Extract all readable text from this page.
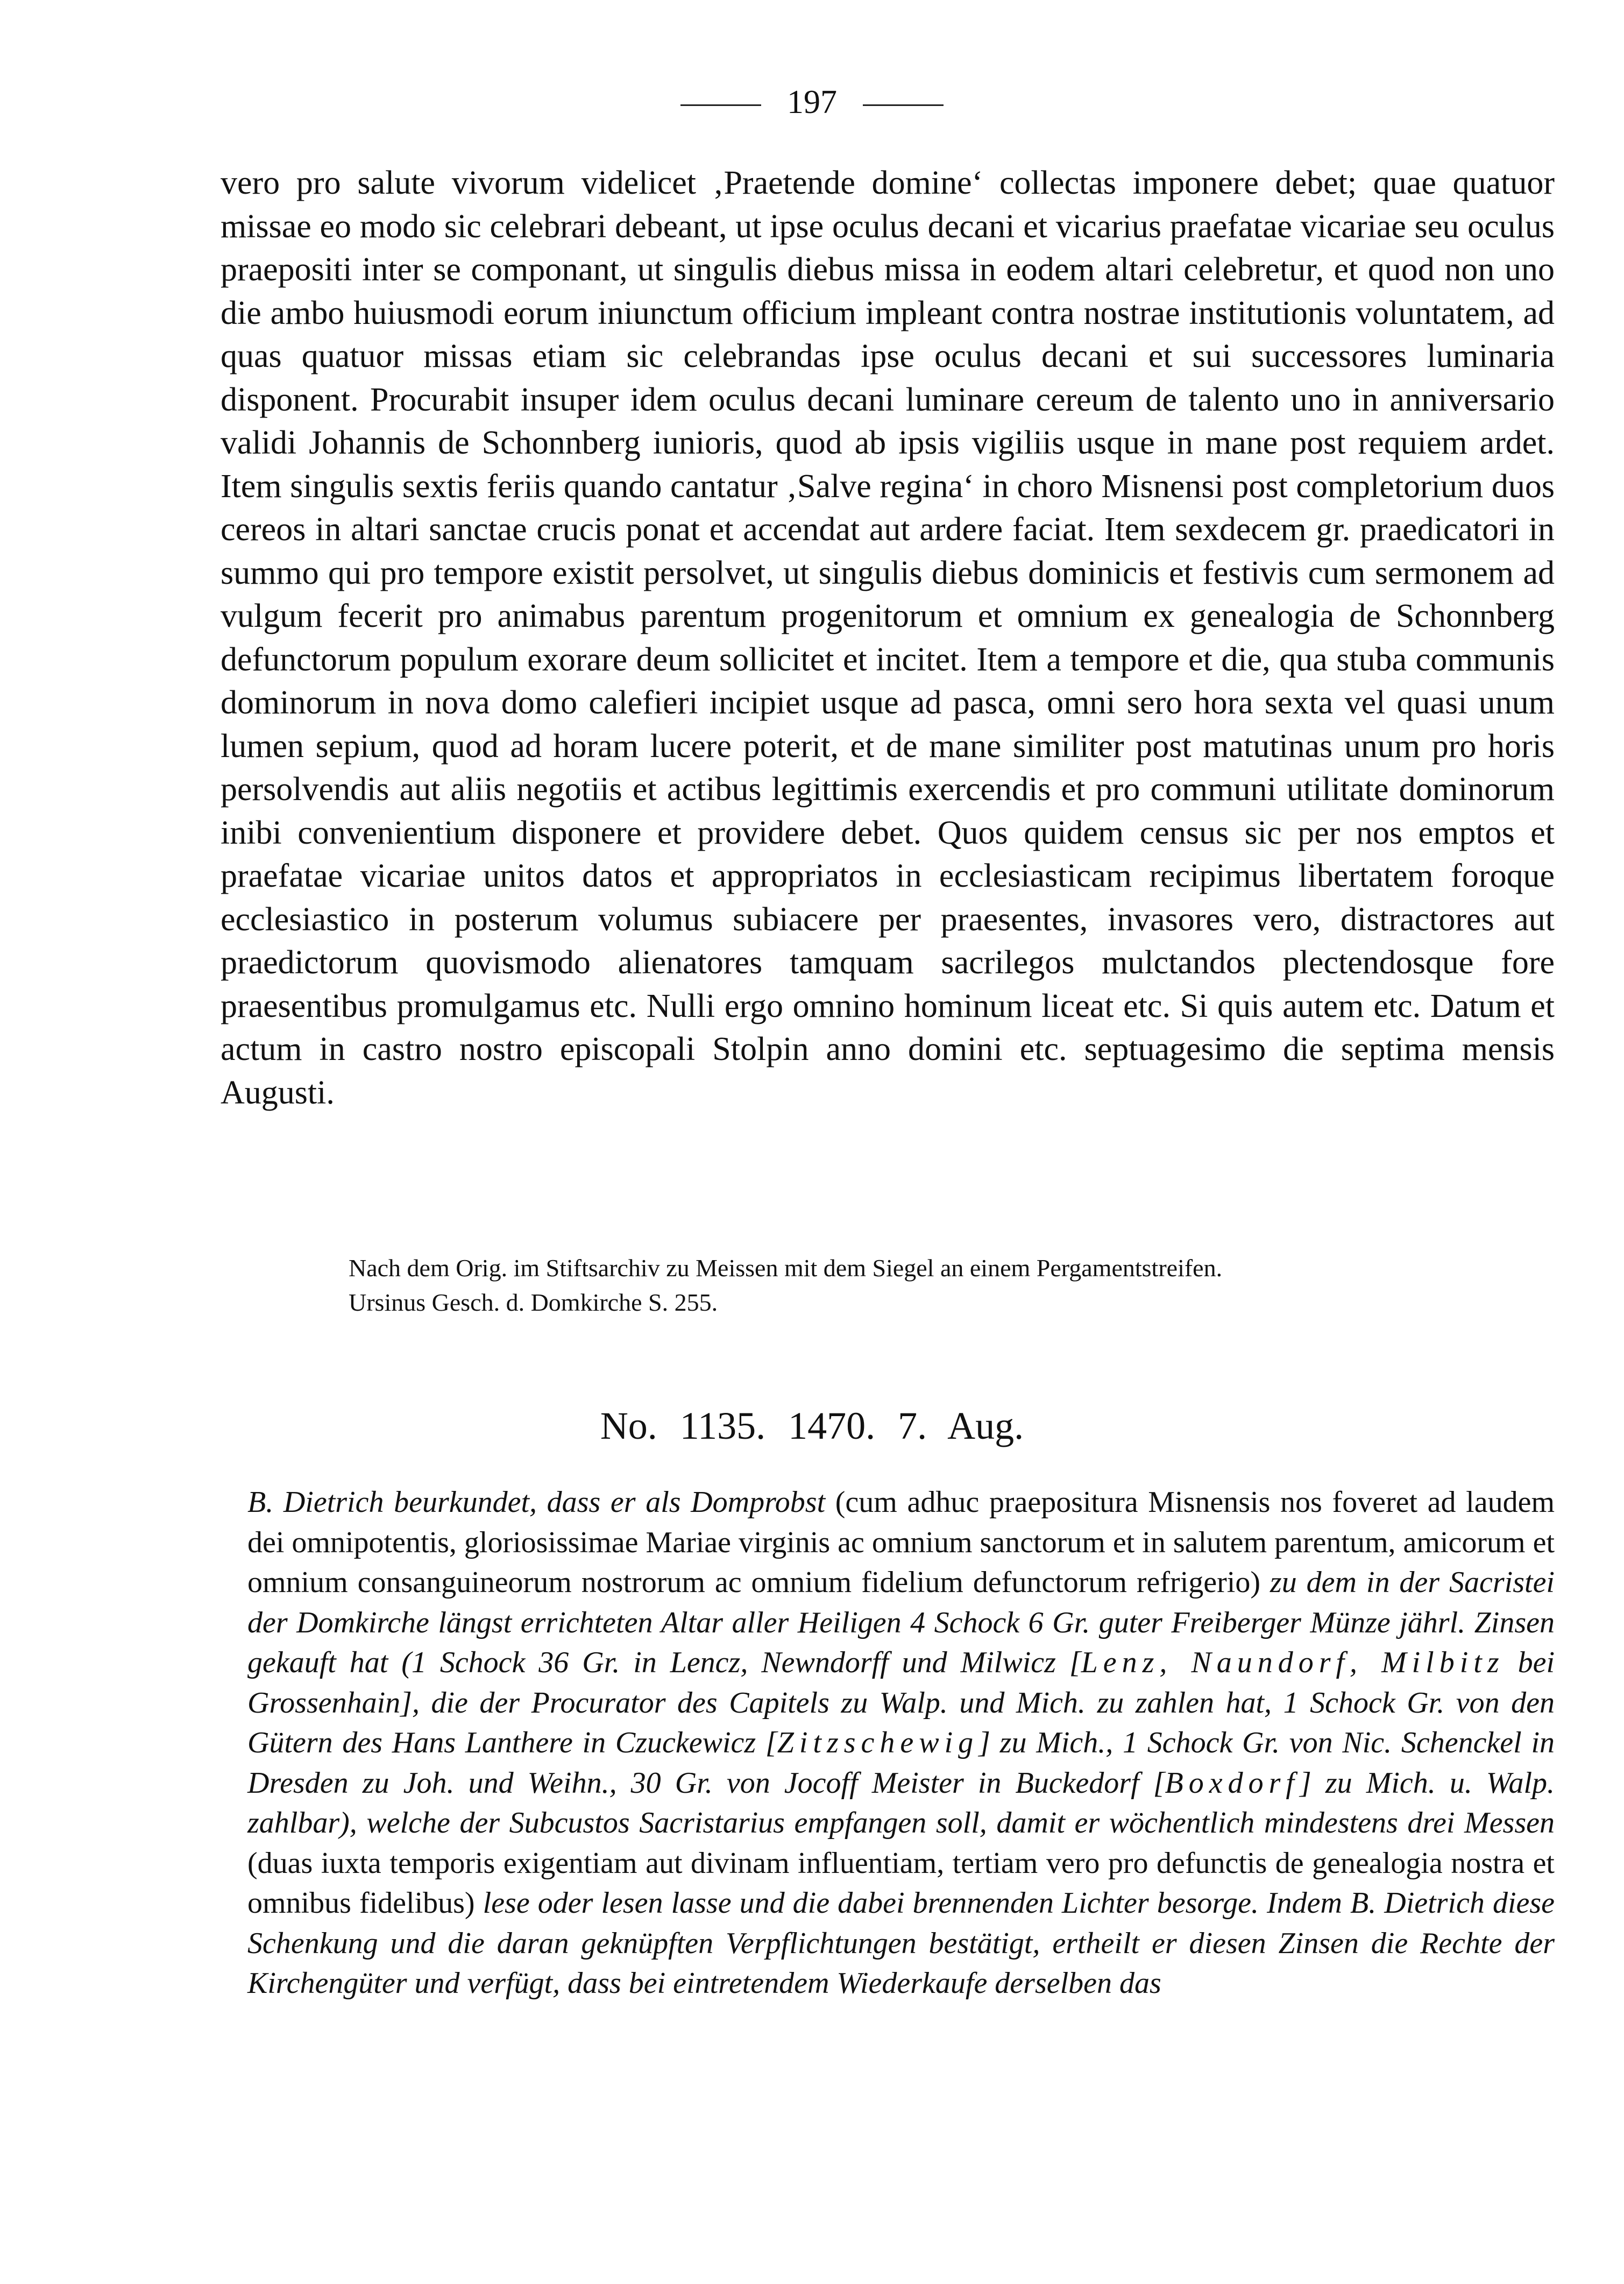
197

vero pro salute vivorum videlicet ‚Praetende domine‘ collectas imponere debet; quae quatuor missae eo modo sic celebrari debeant, ut ipse oculus decani et vicarius praefatae vicariae seu oculus praepositi inter se componant, ut singulis diebus missa in eodem altari celebretur, et quod non uno die ambo huiusmodi eorum iniunctum officium impleant contra nostrae institutionis voluntatem, ad quas quatuor missas etiam sic celebrandas ipse oculus decani et sui successores luminaria disponent. Procurabit insuper idem oculus decani luminare cereum de talento uno in anniversario validi Johannis de Schonnberg iunioris, quod ab ipsis vigiliis usque in mane post requiem ardet. Item singulis sextis feriis quando cantatur ‚Salve regina‘ in choro Misnensi post completorium duos cereos in altari sanctae crucis ponat et accendat aut ardere faciat. Item sexdecem gr. praedicatori in summo qui pro tempore existit persolvet, ut singulis diebus dominicis et festivis cum sermonem ad vulgum fecerit pro animabus parentum progenitorum et omnium ex genealogia de Schonnberg defunctorum populum exorare deum sollicitet et incitet. Item a tempore et die, qua stuba communis dominorum in nova domo calefieri incipiet usque ad pasca, omni sero hora sexta vel quasi unum lumen sepium, quod ad horam lucere poterit, et de mane similiter post matutinas unum pro horis persolvendis aut aliis negotiis et actibus legittimis exercendis et pro communi utilitate dominorum inibi convenientium disponere et providere debet. Quos quidem census sic per nos emptos et praefatae vicariae unitos datos et appropriatos in ecclesiasticam recipimus libertatem foroque ecclesiastico in posterum volumus subiacere per praesentes, invasores vero, distractores aut praedictorum quovismodo alienatores tamquam sacrilegos mulctandos plectendosque fore praesentibus promulgamus etc. Nulli ergo omnino hominum liceat etc. Si quis autem etc. Datum et actum in castro nostro episcopali Stolpin anno domini etc. septuagesimo die septima mensis Augusti.

Nach dem Orig. im Stiftsarchiv zu Meissen mit dem Siegel an einem Pergamentstreifen.
Ursinus Gesch. d. Domkirche S. 255.
No. 1135. 1470. 7. Aug.

B. Dietrich beurkundet, dass er als Domprobst (cum adhuc praepositura Misnensis nos foveret ad laudem dei omnipotentis, gloriosissimae Mariae virginis ac omnium sanctorum et in salutem parentum, amicorum et omnium consanguineorum nostrorum ac omnium fidelium defunctorum refrigerio) zu dem in der Sacristei der Domkirche längst errichteten Altar aller Heiligen 4 Schock 6 Gr. guter Freiberger Münze jährl. Zinsen gekauft hat (1 Schock 36 Gr. in Lencz, Newndorff und Milwicz [Lenz, Naundorf, Milbitz bei Grossenhain], die der Procurator des Capitels zu Walp. und Mich. zu zahlen hat, 1 Schock Gr. von den Gütern des Hans Lanthere in Czuckewicz [Zitzschewig] zu Mich., 1 Schock Gr. von Nic. Schenckel in Dresden zu Joh. und Weihn., 30 Gr. von Jocoff Meister in Buckedorf [Boxdorf] zu Mich. u. Walp. zahlbar), welche der Subcustos Sacristarius empfangen soll, damit er wöchentlich mindestens drei Messen (duas iuxta temporis exigentiam aut divinam influentiam, tertiam vero pro defunctis de genealogia nostra et omnibus fidelibus) lese oder lesen lasse und die dabei brennenden Lichter besorge. Indem B. Dietrich diese Schenkung und die daran geknüpften Verpflichtungen bestätigt, ertheilt er diesen Zinsen die Rechte der Kirchengüter und verfügt, dass bei eintretendem Wiederkaufe derselben das
